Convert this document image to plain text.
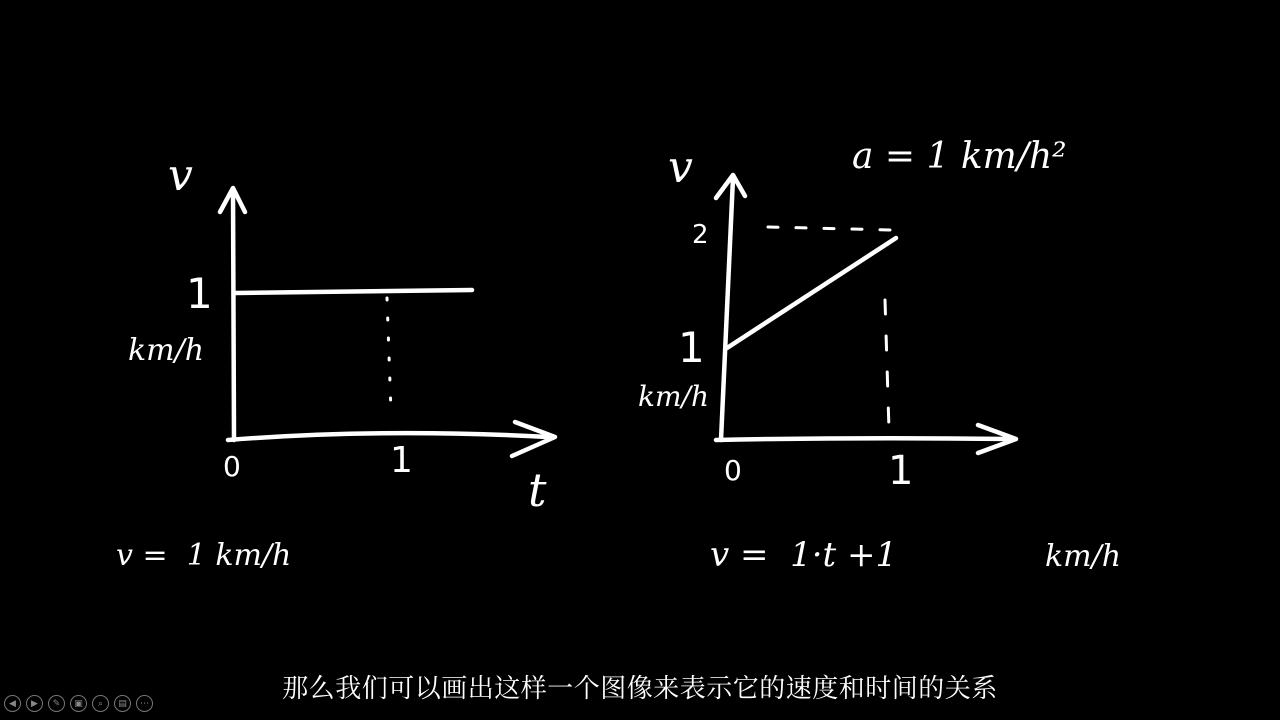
v
t
1
km/h
0	1
v =  1 km/h
v	a = 1 km/h²
2
1
km/h
0	1
v =  1·t +1	km/h
那么我们可以画出这样一个图像来表示它的速度和时间的关系
◀	▶	✎	▣	⌕	▤	⋯
